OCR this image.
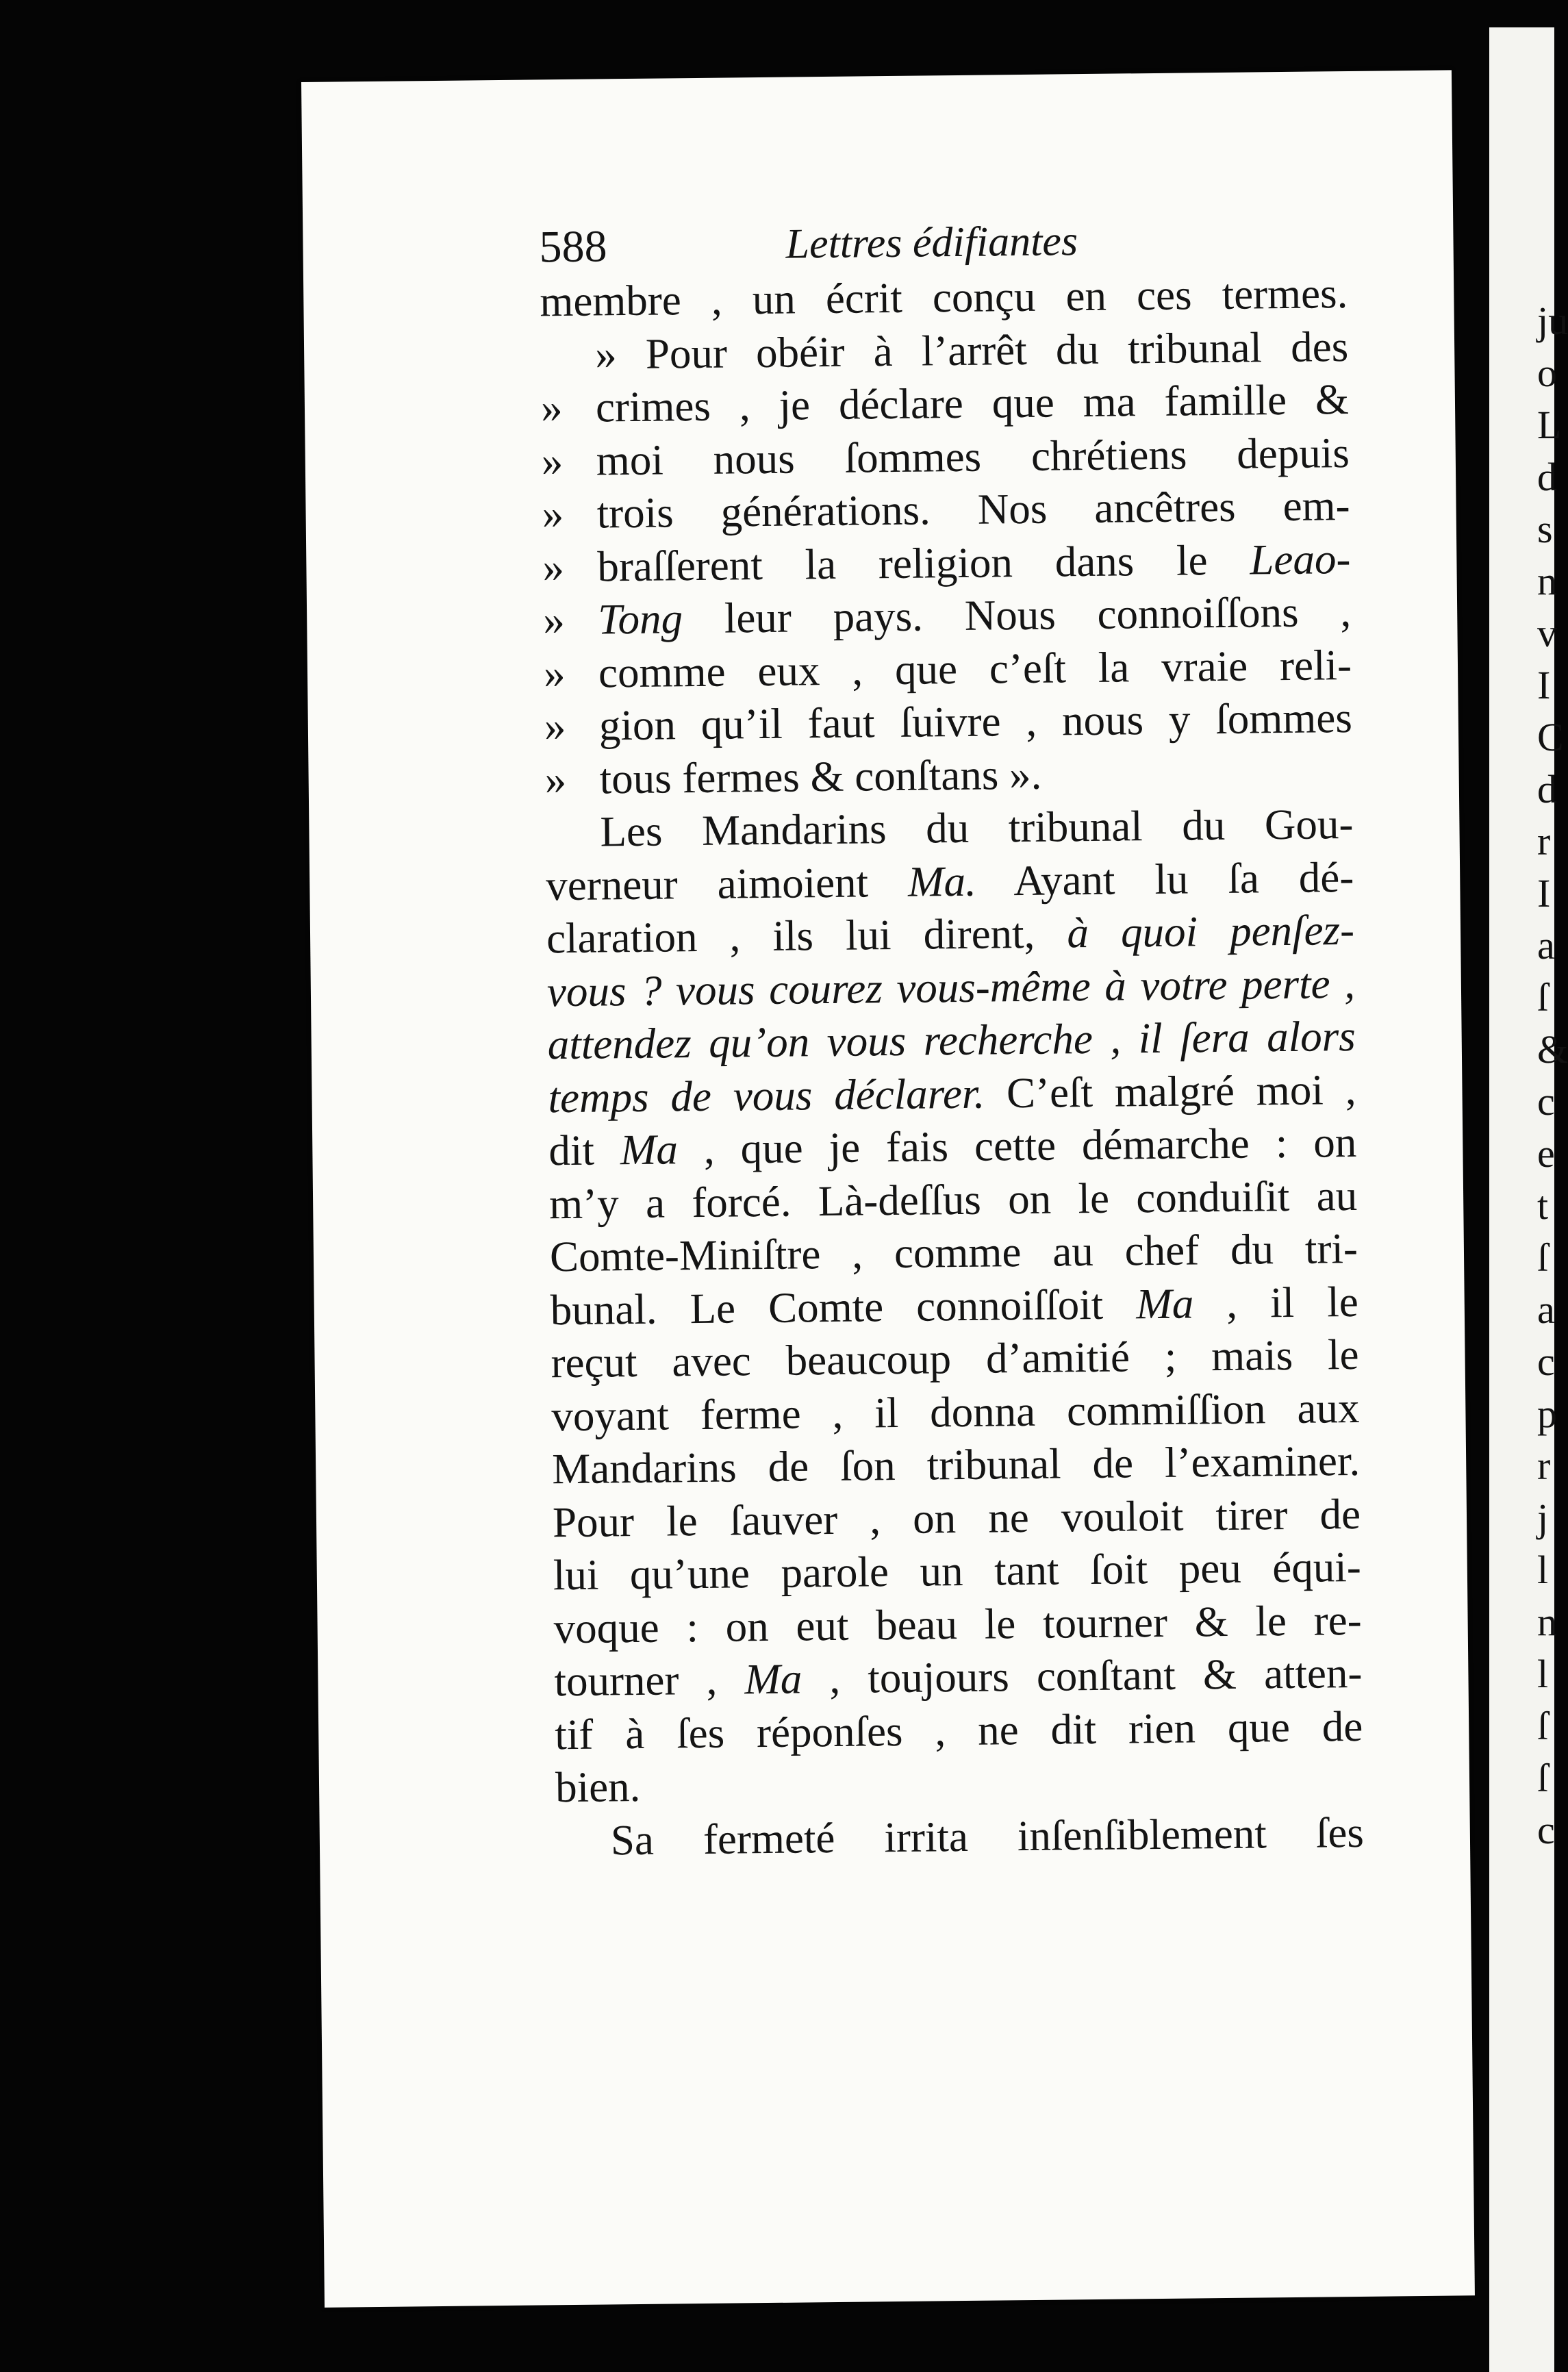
588	Lettres édifiantes
membre , un écrit conçu en ces termes.
» Pour obéir à l’arrêt du tribunal des
» crimes , je déclare que ma famille &
» moi nous ſommes chrétiens depuis
» trois générations. Nos ancêtres em-
» braſſerent la religion dans le Leao-
» Tong leur pays. Nous connoiſſons ,
» comme eux , que c’eſt la vraie reli-
» gion qu’il faut ſuivre , nous y ſommes
» tous fermes & conſtans ».
Les Mandarins du tribunal du Gou-
verneur aimoient Ma. Ayant lu ſa dé-
claration , ils lui dirent, à quoi penſez-
vous ? vous courez vous-même à votre perte ,
attendez qu’on vous recherche , il ſera alors
temps de vous déclarer. C’eſt malgré moi ,
dit Ma , que je fais cette démarche : on
m’y a forcé. Là-deſſus on le conduiſit au
Comte-Miniſtre , comme au chef du tri-
bunal. Le Comte connoiſſoit Ma , il le
reçut avec beaucoup d’amitié ; mais le
voyant ferme , il donna commiſſion aux
Mandarins de ſon tribunal de l’examiner.
Pour le ſauver , on ne vouloit tirer de
lui qu’une parole un tant ſoit peu équi-
voque : on eut beau le tourner & le re-
tourner , Ma , toujours conſtant & atten-
tif à ſes réponſes , ne dit rien que de
bien.
Sa fermeté irrita inſenſiblement ſes
ju
o
L
d
s
n
v
I
C
d
r
I
a
ſ
&
c
e
t
ſ
a
c
p
r
j
l
n
l
ſ
ſ
c
